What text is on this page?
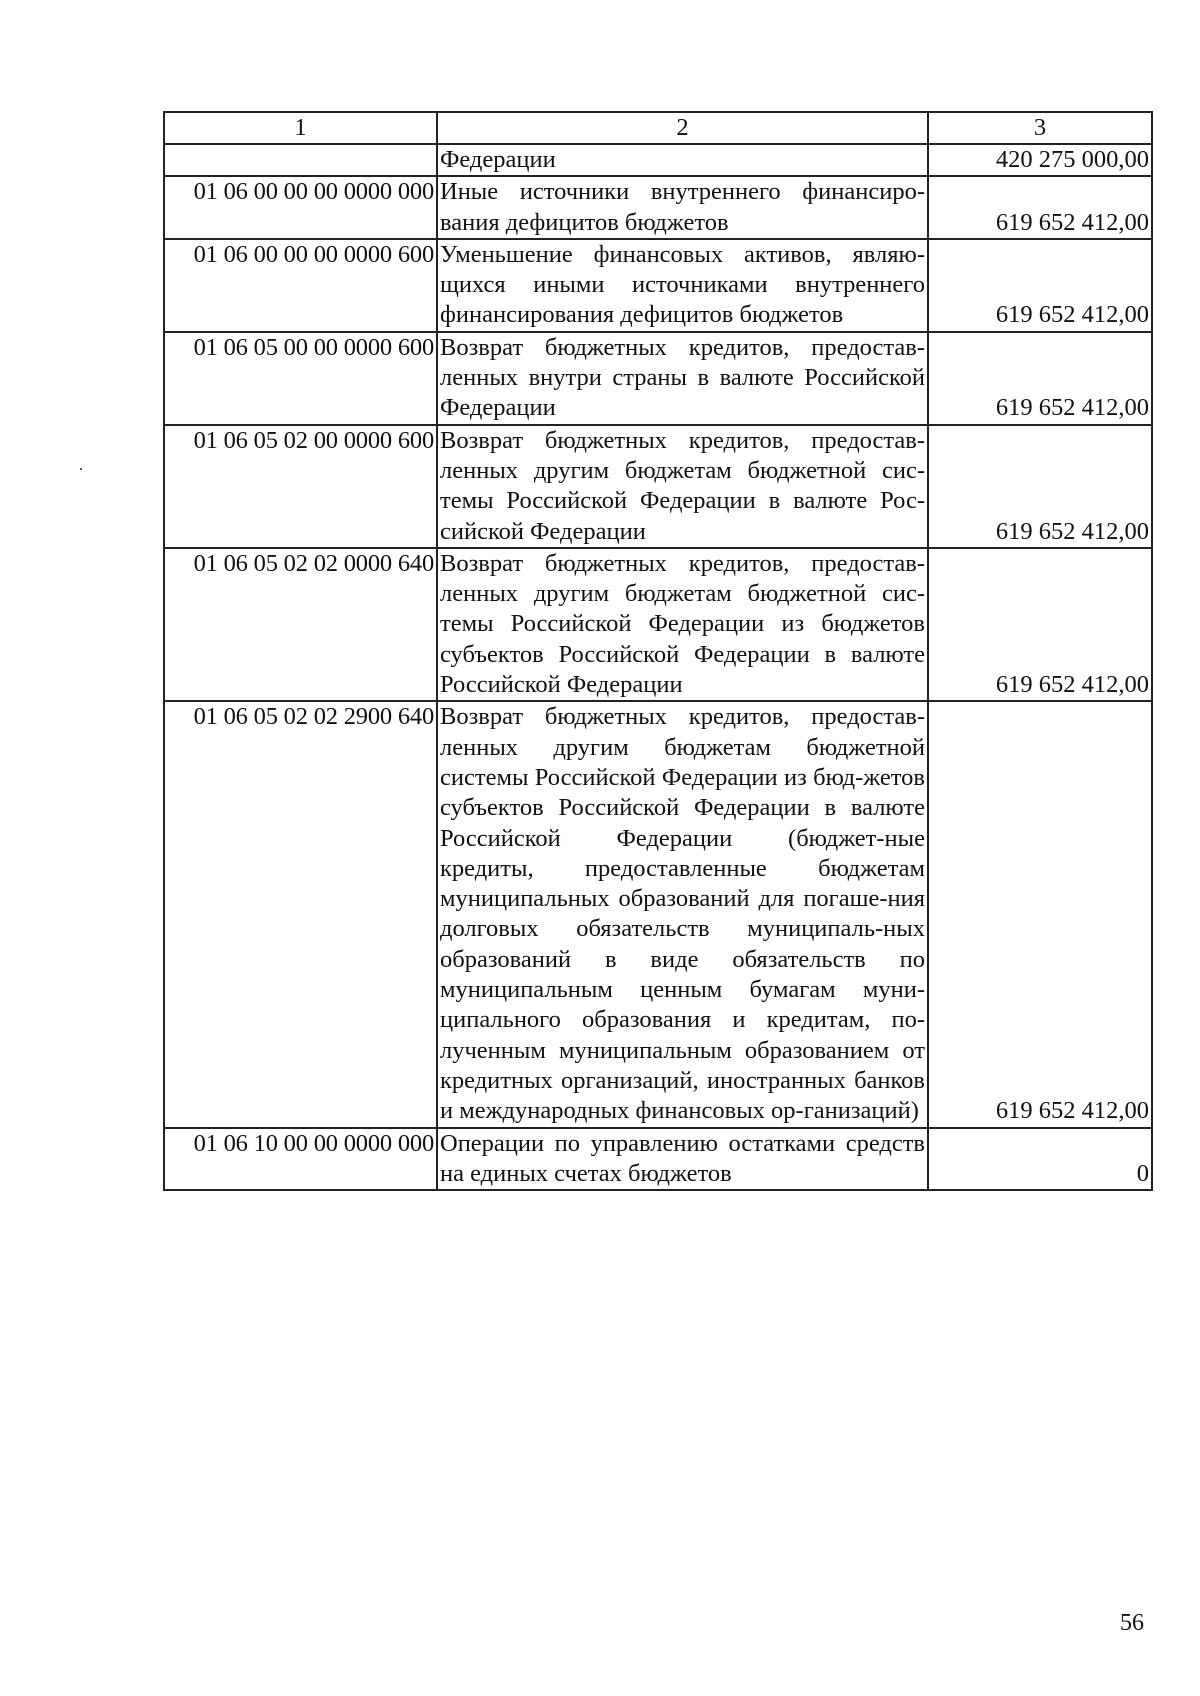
1	2	3
	Федерации	420 275 000,00
01 06 00 00 00 0000 000	Иные источники внутреннего финансиро-вания дефицитов бюджетов	619 652 412,00
01 06 00 00 00 0000 600	Уменьшение финансовых активов, являю-щихся иными источниками внутреннего финансирования дефицитов бюджетов	619 652 412,00
01 06 05 00 00 0000 600	Возврат бюджетных кредитов, предостав-ленных внутри страны в валюте Российской Федерации	619 652 412,00
01 06 05 02 00 0000 600	Возврат бюджетных кредитов, предостав-ленных другим бюджетам бюджетной сис-темы Российской Федерации в валюте Рос-сийской Федерации	619 652 412,00
01 06 05 02 02 0000 640	Возврат бюджетных кредитов, предостав-ленных другим бюджетам бюджетной сис-темы Российской Федерации из бюджетов субъектов Российской Федерации в валюте Российской Федерации	619 652 412,00
01 06 05 02 02 2900 640	Возврат бюджетных кредитов, предостав-ленных другим бюджетам бюджетной системы Российской Федерации из бюд-жетов субъектов Российской Федерации в валюте Российской Федерации (бюджет-ные кредиты, предоставленные бюджетам муниципальных образований для погаше-ния долговых обязательств муниципаль-ных образований в виде обязательств по муниципальным ценным бумагам муни-ципального образования и кредитам, по-лученным муниципальным образованием от кредитных организаций, иностранных банков и международных финансовых ор-ганизаций)	619 652 412,00
01 06 10 00 00 0000 000	Операции по управлению остатками средств на единых счетах бюджетов	0
56
